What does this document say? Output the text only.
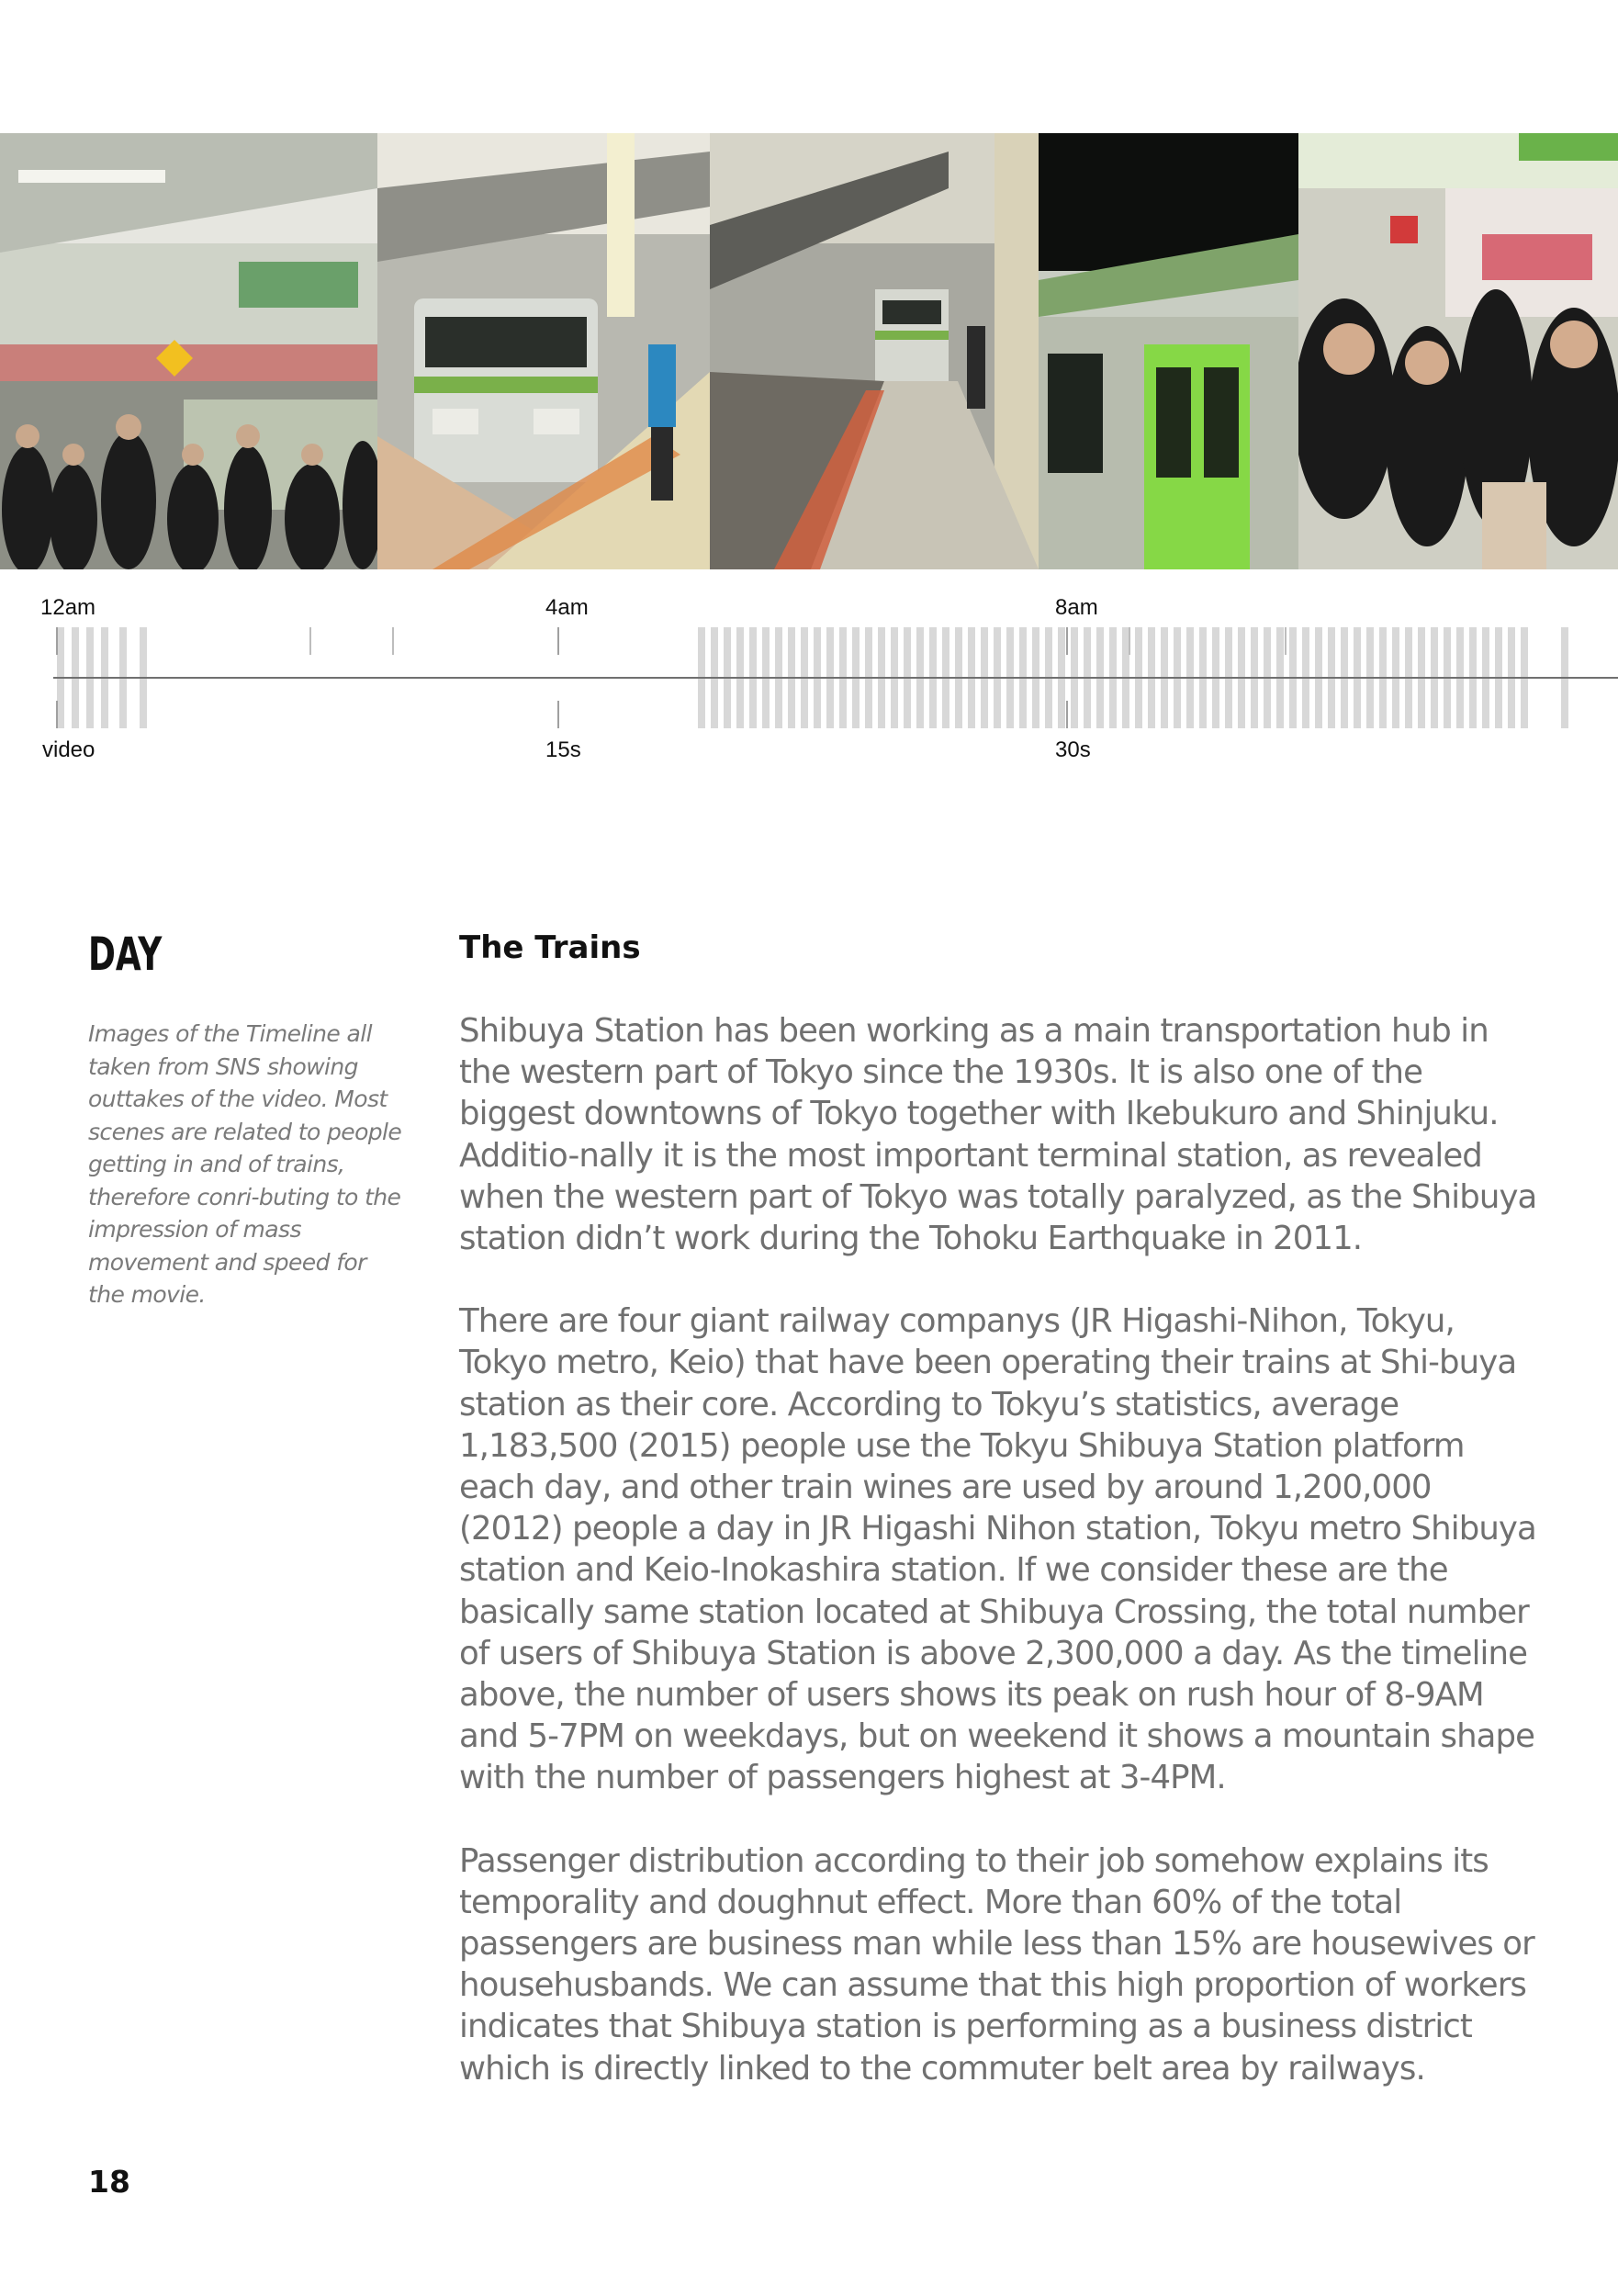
12am	4am	8am
video	15s	30s
DAY
Images of the Timeline all taken from SNS showing outtakes of the video. Most scenes are related to people getting in and of trains, therefore conri-buting to the impression of mass movement and speed for the movie.
The Trains

Shibuya Station has been working as a main transportation hub in the western part of Tokyo since the 1930s. It is also one of the biggest downtowns of Tokyo together with Ikebukuro and Shinjuku. Additio-nally it is the most important terminal station, as revealed when the western part of Tokyo was totally paralyzed, as the Shibuya station didn’t work during the Tohoku Earthquake in 2011.

There are four giant railway companys (JR Higashi-Nihon, Tokyu, Tokyo metro, Keio) that have been operating their trains at Shi-buya station as their core. According to Tokyu’s statistics, average 1,183,500 (2015) people use the Tokyu Shibuya Station platform each day, and other train wines are used by around 1,200,000 (2012) people a day in JR Higashi Nihon station, Tokyu metro Shibuya station and Keio-Inokashira station. If we consider these are the basically same station located at Shibuya Crossing, the total number of users of Shibuya Station is above 2,300,000 a day. As the timeline above, the number of users shows its peak on rush hour of 8-9AM and 5-7PM on weekdays, but on weekend it shows a mountain shape with the number of passengers highest at 3-4PM.

Passenger distribution according to their job somehow explains its temporality and doughnut effect. More than 60% of the total passengers are business man while less than 15% are housewives or househusbands. We can assume that this high proportion of workers indicates that Shibuya station is performing as a business district which is directly linked to the commuter belt area by railways.

18
